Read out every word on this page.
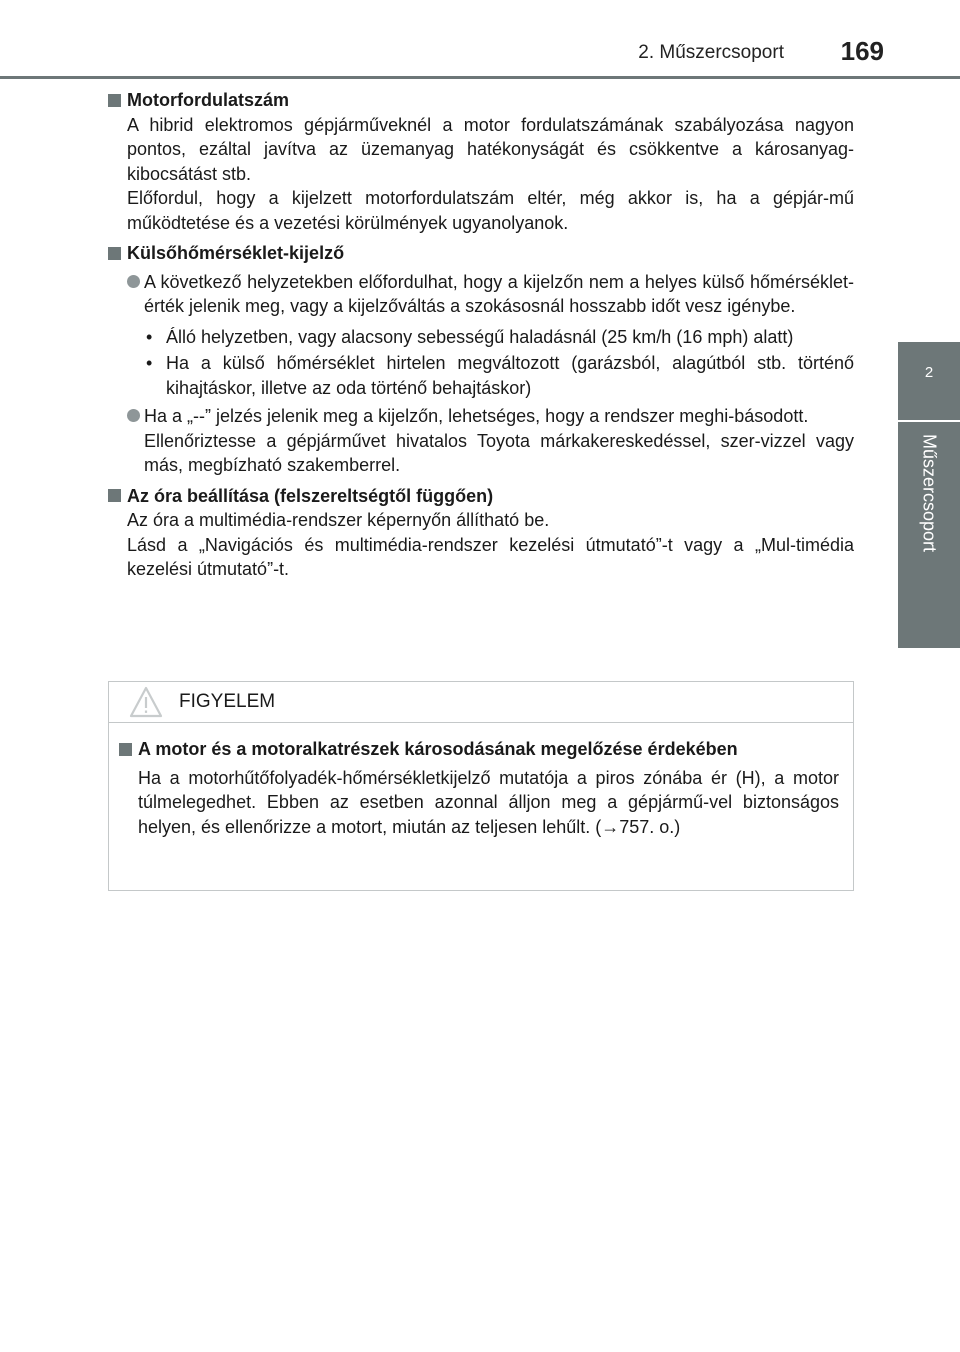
2. Műszercsoport 169
2
Műszercsoport
Motorfordulatszám
A hibrid elektromos gépjárműveknél a motor fordulatszámának szabályozása nagyon pontos, ezáltal javítva az üzemanyag hatékonyságát és csökkentve a károsanyag-kibocsátást stb.
Előfordul, hogy a kijelzett motorfordulatszám eltér, még akkor is, ha a gépjár-mű működtetése és a vezetési körülmények ugyanolyanok.
Külsőhőmérséklet-kijelző
A következő helyzetekben előfordulhat, hogy a kijelzőn nem a helyes külső hőmérséklet-érték jelenik meg, vagy a kijelzőváltás a szokásosnál hosszabb időt vesz igénybe.
• Álló helyzetben, vagy alacsony sebességű haladásnál (25 km/h (16 mph) alatt)
• Ha a külső hőmérséklet hirtelen megváltozott (garázsból, alagútból stb. történő kihajtáskor, illetve az oda történő behajtáskor)
Ha a „--” jelzés jelenik meg a kijelzőn, lehetséges, hogy a rendszer meghi-básodott.
Ellenőriztesse a gépjárművet hivatalos Toyota márkakereskedéssel, szer-vizzel vagy más, megbízható szakemberrel.
Az óra beállítása (felszereltségtől függően)
Az óra a multimédia-rendszer képernyőn állítható be.
Lásd a „Navigációs és multimédia-rendszer kezelési útmutató”-t vagy a „Mul-timédia kezelési útmutató”-t.
FIGYELEM
A motor és a motoralkatrészek károsodásának megelőzése érdekében
Ha a motorhűtőfolyadék-hőmérsékletkijelző mutatója a piros zónába ér (H), a motor túlmelegedhet. Ebben az esetben azonnal álljon meg a gépjármű-vel biztonságos helyen, és ellenőrizze a motort, miután az teljesen lehűlt. (→757. o.)
